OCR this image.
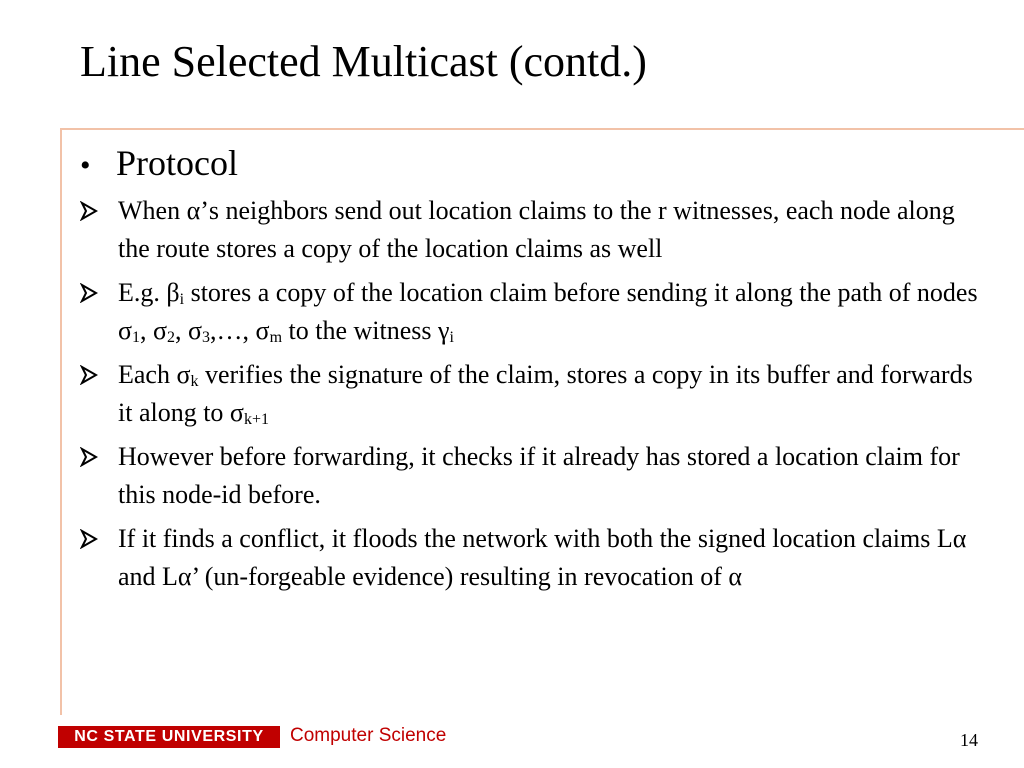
Line Selected Multicast (contd.)
• Protocol
When α’s neighbors send out location claims to the r witnesses, each node along the route stores a copy of the location claims as well
E.g. $\beta_i$ stores a copy of the location claim before sending it along the path of nodes $\sigma_1$, $\sigma_2$, $\sigma_3,\dots$, $\sigma_m$ to the witness $\gamma_i$
Each $\sigma_k$ verifies the signature of the claim, stores a copy in its buffer and forwards it along to $\sigma_{k+1}$
However before forwarding, it checks if it already has stored a location claim for this node-id before.
If it finds a conflict, it floods the network with both the signed location claims Lα and Lα’ (un-forgeable evidence) resulting in revocation of α
NC STATE UNIVERSITY	Computer Science	14
